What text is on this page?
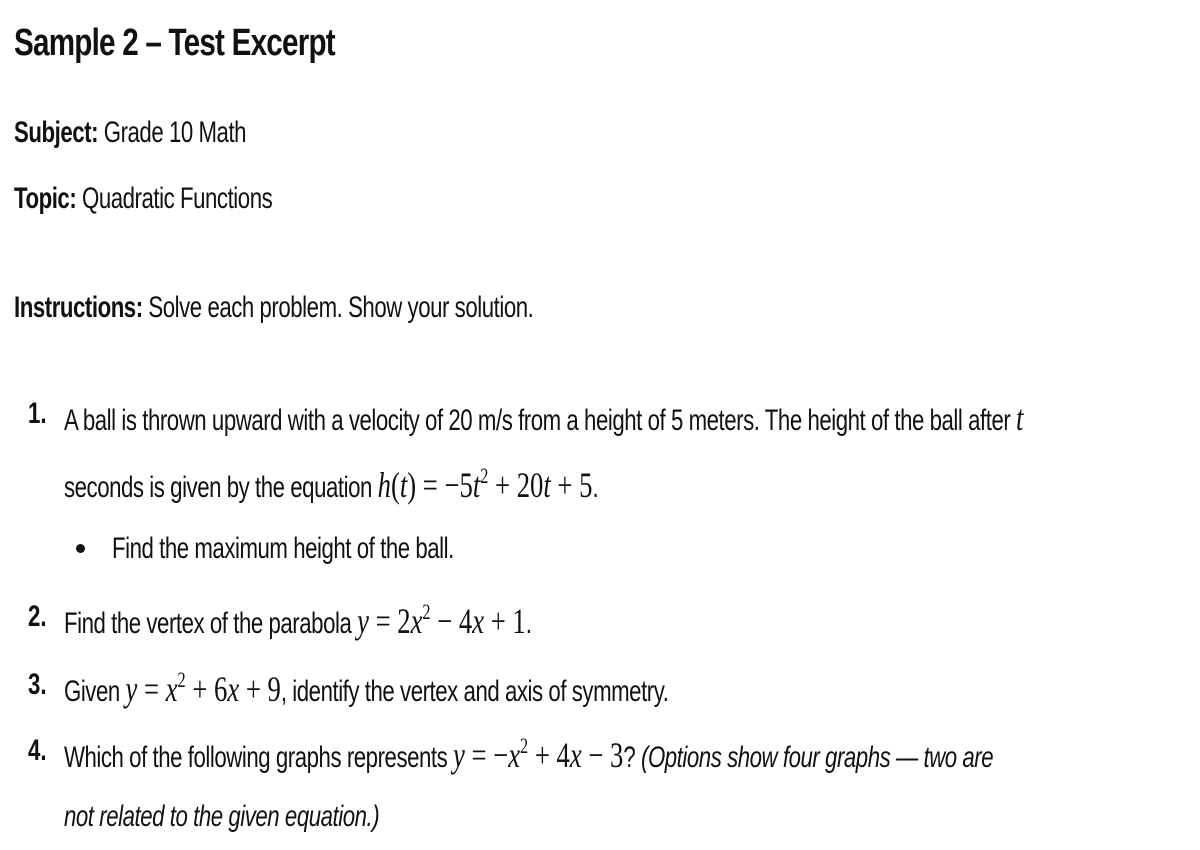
Sample 2 – Test Excerpt
Subject: Grade 10 Math
Topic: Quadratic Functions
Instructions: Solve each problem. Show your solution.
1. A ball is thrown upward with a velocity of 20 m/s from a height of 5 meters. The height of the ball after t
seconds is given by the equation $h(t) = -5t^2 + 20t + 5$.
Find the maximum height of the ball.
2. Find the vertex of the parabola $y = 2x^2 - 4x + 1$.
3. Given $y = x^2 + 6x + 9$, identify the vertex and axis of symmetry.
4. Which of the following graphs represents $y = -x^2 + 4x - 3$? (Options show four graphs — two are
not related to the given equation.)
